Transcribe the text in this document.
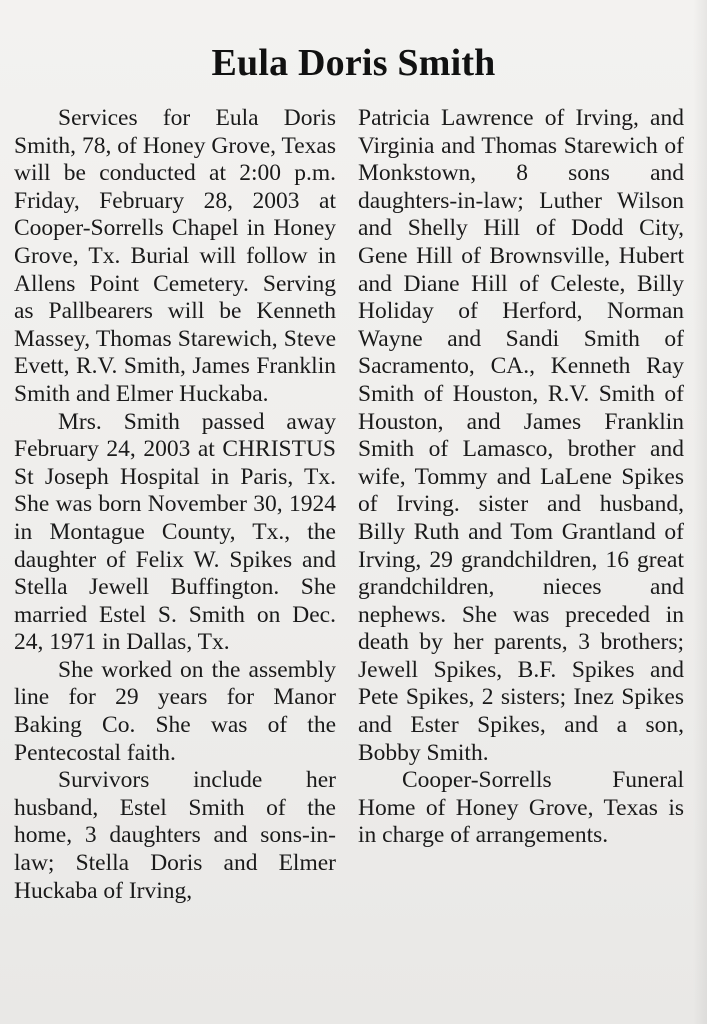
Eula Doris Smith

Services for Eula Doris Smith, 78, of Honey Grove, Texas will be conducted at 2:00 p.m. Friday, February 28, 2003 at Cooper-Sorrells Chapel in Honey Grove, Tx. Burial will follow in Allens Point Cemetery. Serving as Pallbearers will be Kenneth Massey, Thomas Starewich, Steve Evett, R.V. Smith, James Franklin Smith and Elmer Huckaba.

Mrs. Smith passed away February 24, 2003 at CHRISTUS St Joseph Hospital in Paris, Tx. She was born November 30, 1924 in Montague County, Tx., the daughter of Felix W. Spikes and Stella Jewell Buffington. She married Estel S. Smith on Dec. 24, 1971 in Dallas, Tx.

She worked on the assembly line for 29 years for Manor Baking Co. She was of the Pentecostal faith.

Survivors include her husband, Estel Smith of the home, 3 daughters and sons-in-law; Stella Doris and Elmer Huckaba of Irving,

Patricia Lawrence of Irving, and Virginia and Thomas Starewich of Monkstown, 8 sons and daughters-in-law; Luther Wilson and Shelly Hill of Dodd City, Gene Hill of Brownsville, Hubert and Diane Hill of Celeste, Billy Holiday of Herford, Norman Wayne and Sandi Smith of Sacramento, CA., Kenneth Ray Smith of Houston, R.V. Smith of Houston, and James Franklin Smith of Lamasco, brother and wife, Tommy and LaLene Spikes of Irving. sister and husband, Billy Ruth and Tom Grantland of Irving, 29 grandchildren, 16 great grandchildren, nieces and nephews. She was preceded in death by her parents, 3 brothers; Jewell Spikes, B.F. Spikes and Pete Spikes, 2 sisters; Inez Spikes and Ester Spikes, and a son, Bobby Smith.

Cooper-Sorrells Funeral Home of Honey Grove, Texas is in charge of arrangements.
